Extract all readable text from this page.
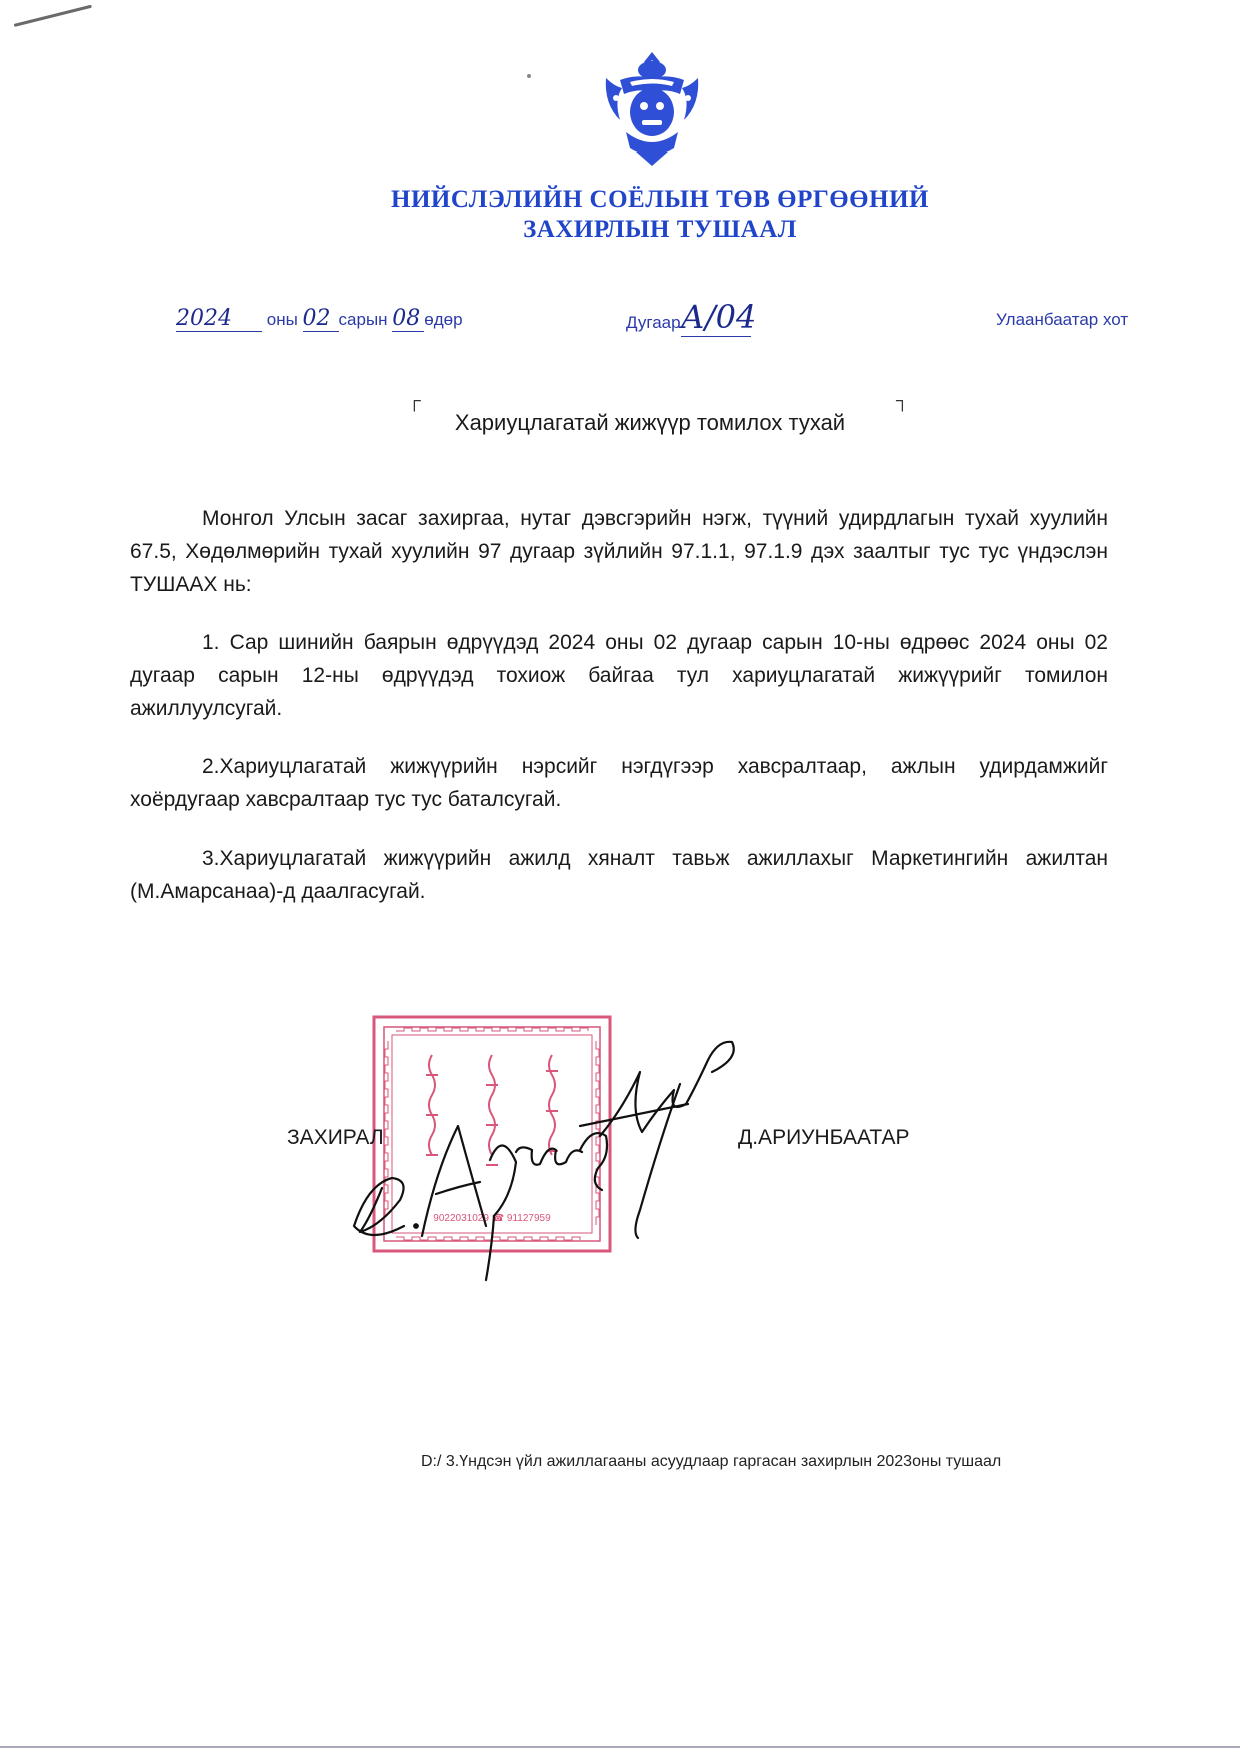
НИЙСЛЭЛИЙН СОЁЛЫН ТӨВ ӨРГӨӨНИЙ
ЗАХИРЛЫН ТУШААЛ
2024 оны 02 сарын 08 өдөр	ДугаарА/04	Улаанбаатар хот
┌	┐
Хариуцлагатай жижүүр томилох тухай
Монгол Улсын засаг захиргаа, нутаг дэвсгэрийн нэгж, түүний удирдлагын тухай хуулийн 67.5, Хөдөлмөрийн тухай хуулийн 97 дугаар зүйлийн 97.1.1, 97.1.9 дэх заалтыг тус тус үндэслэн ТУШААХ нь:
1. Сар шинийн баярын өдрүүдэд 2024 оны 02 дугаар сарын 10-ны өдрөөс 2024 оны 02 дугаар сарын 12-ны өдрүүдэд тохиож байгаа тул хариуцлагатай жижүүрийг томилон ажиллуулсугай.
2.Хариуцлагатай жижүүрийн нэрсийг нэгдүгээр хавсралтаар, ажлын удирдамжийг хоёрдугаар хавсралтаар тус тус баталсугай.
3.Хариуцлагатай жижүүрийн ажилд хяналт тавьж ажиллахыг Маркетингийн ажилтан (М.Амарсанаа)-д даалгасугай.
9022031029 ☎ 91127959
ЗАХИРАЛ	Д.АРИУНБААТАР
D:/ 3.Үндсэн үйл ажиллагааны асуудлаар гаргасан захирлын 2023оны тушаал
